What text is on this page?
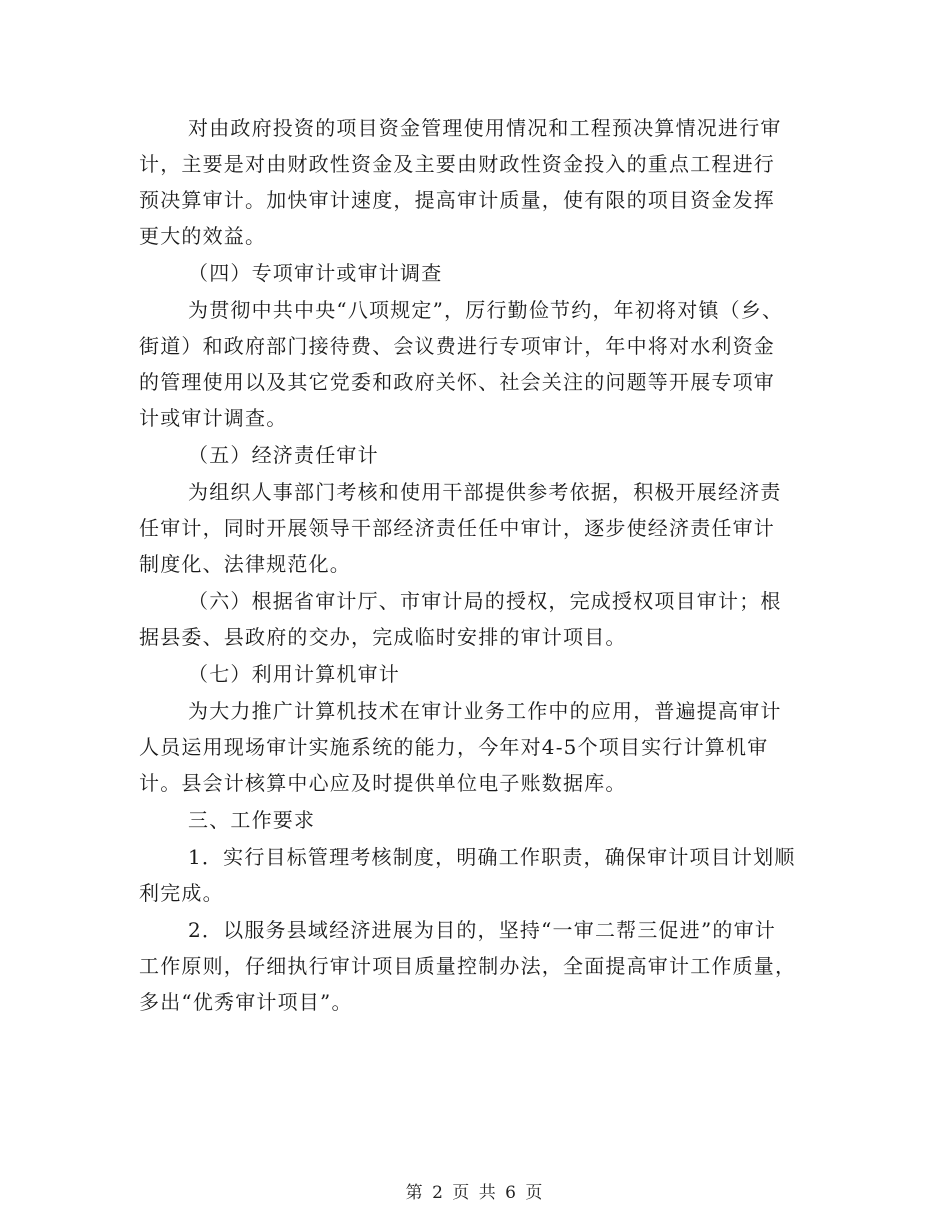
对由政府投资的项目资金管理使用情况和工程预决算情况进行审
计，主要是对由财政性资金及主要由财政性资金投入的重点工程进行
预决算审计。加快审计速度，提高审计质量，使有限的项目资金发挥
更大的效益。
（四）专项审计或审计调查
为贯彻中共中央“八项规定”，厉行勤俭节约，年初将对镇（乡、
街道）和政府部门接待费、会议费进行专项审计，年中将对水利资金
的管理使用以及其它党委和政府关怀、社会关注的问题等开展专项审
计或审计调查。
（五）经济责任审计
为组织人事部门考核和使用干部提供参考依据，积极开展经济责
任审计，同时开展领导干部经济责任任中审计，逐步使经济责任审计
制度化、法律规范化。
（六）根据省审计厅、市审计局的授权，完成授权项目审计；根
据县委、县政府的交办，完成临时安排的审计项目。
（七）利用计算机审计
为大力推广计算机技术在审计业务工作中的应用，普遍提高审计
人员运用现场审计实施系统的能力，今年对4-5个项目实行计算机审
计。县会计核算中心应及时提供单位电子账数据库。
三、工作要求
1．实行目标管理考核制度，明确工作职责，确保审计项目计划顺
利完成。
2．以服务县域经济进展为目的，坚持“一审二帮三促进”的审计
工作原则，仔细执行审计项目质量控制办法，全面提高审计工作质量，
多出“优秀审计项目”。
第 2 页 共 6 页
